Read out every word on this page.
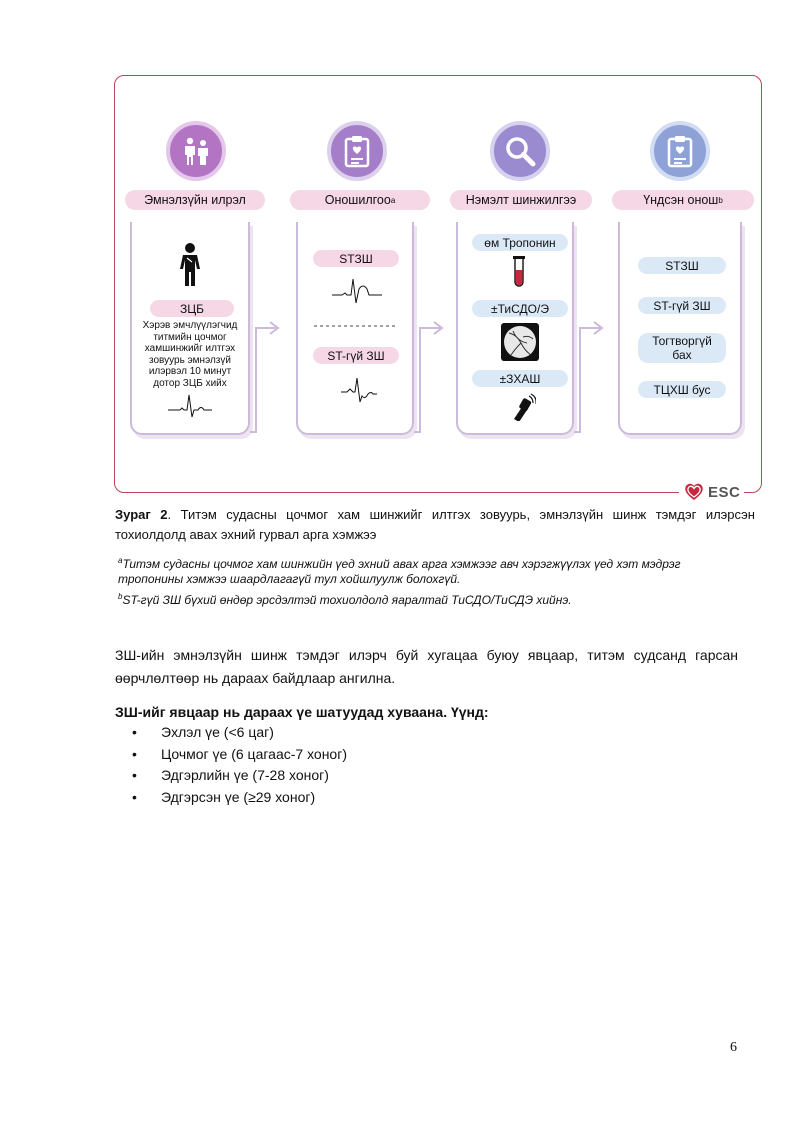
ESC
Эмнэлзүйн илрэл	Оношилгоо a	Нэмэлт шинжилгээ	Үндсэн онош b
ЗЦБ
Хэрэв эмчлүүлэгчид
титмийн цочмог
хамшинжийг илтгэх
зовуурь эмнэлзүй
илэрвэл 10 минут
дотор ЗЦБ хийх
STЗШ
ST-гүй ЗШ
өм Тропонин
±ТиСДО/Э
±ЗХАШ
STЗШ
ST-гүй ЗШ
Тогтворгүй бах
ТЦХШ бус
Зураг 2. Титэм судасны цочмог хам шинжийг илтгэх зовуурь, эмнэлзүйн шинж тэмдэг илэрсэн тохиолдолд авах эхний гурвал арга хэмжээ
$^a$Титэм судасны цочмог хам шинжийн үед эхний авах арга хэмжээг авч хэрэгжүүлэх үед хэт мэдрэг тропонины хэмжээ шаардлагагүй тул хойшлуулж болохгүй.
$^b$ST-гүй ЗШ бүхий өндөр эрсдэлтэй тохиолдолд яаралтай ТиСДО/ТиСДЭ хийнэ.
ЗШ-ийн эмнэлзүйн шинж тэмдэг илэрч буй хугацаа буюу явцаар, титэм судсанд гарсан өөрчлөлтөөр нь дараах байдлаар ангилна.
ЗШ-ийг явцаар нь дараах үе шатуудад хуваана. Үүнд:
• Эхлэл үе (<6 цаг)
• Цочмог үе (6 цагаас-7 хоног)
• Эдгэрлийн үе (7-28 хоног)
• Эдгэрсэн үе (≥29 хоног)
6
